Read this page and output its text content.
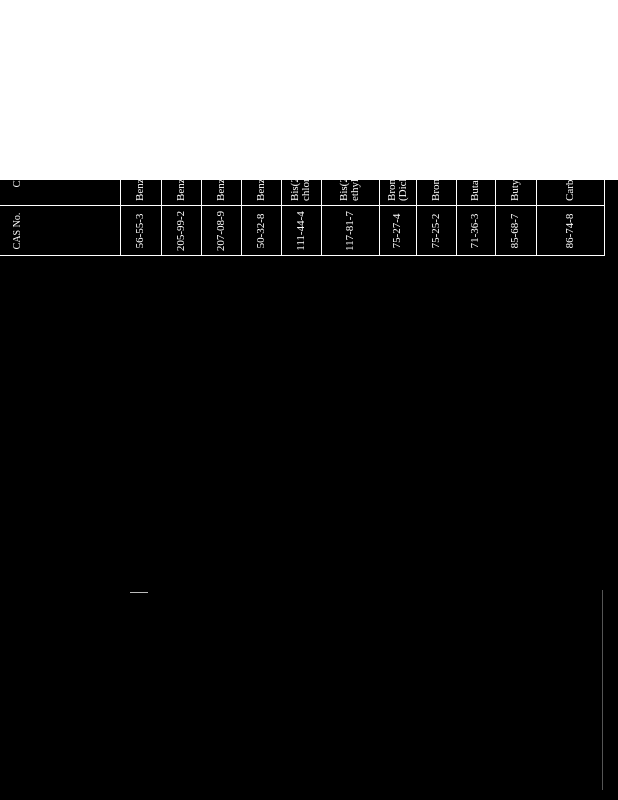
CAS No.
Chemical Name
Industrial-Commercial	Ingestion (mg/kg)
Inhalation (mg/kg)
56-55-3
Benzo(a)anthracene
8
c
---
c
205-99-2
Benzo(b)fluoranthene
8
c
---
c
207-08-9
Benzo(k)fluoranthene
78
c
---
c
50-32-8
Benzo(a)pyrene
0.8
c,2
---
c
111-44-4
Bis(2-chloroethyl)ether
5
c
0.47
c
117-81-7
Bis(2-ethylhexyl)phthalate
410
c
31,000
d
75-27-4
Bromodichloromethane (Dichlorobromomethane)
92
c
3,000
d
75-25-2
Bromoform
720
c
100
c
71-36-3
Butanol
200,000
b
10,000
d
85-68-7
Butyl benzyl phthalate
410,000
b
930
d
86-74-8
Carbazole
290
c
---
c
